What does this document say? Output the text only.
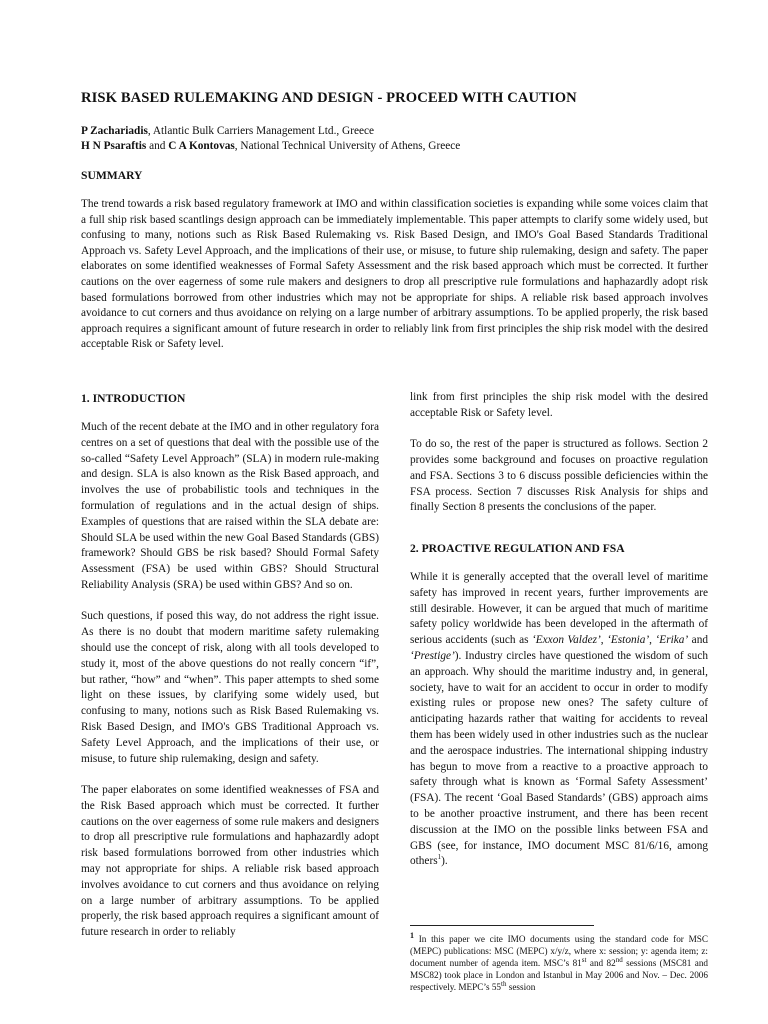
RISK BASED RULEMAKING AND DESIGN - PROCEED WITH CAUTION
P Zachariadis, Atlantic Bulk Carriers Management Ltd., Greece
H N Psaraftis and C A Kontovas, National Technical University of Athens, Greece
SUMMARY
The trend towards a risk based regulatory framework at IMO and within classification societies is expanding while some voices claim that a full ship risk based scantlings design approach can be immediately implementable. This paper attempts to clarify some widely used, but confusing to many, notions such as Risk Based Rulemaking vs. Risk Based Design, and IMO's Goal Based Standards Traditional Approach vs. Safety Level Approach, and the implications of their use, or misuse, to future ship rulemaking, design and safety. The paper elaborates on some identified weaknesses of Formal Safety Assessment and the risk based approach which must be corrected. It further cautions on the over eagerness of some rule makers and designers to drop all prescriptive rule formulations and haphazardly adopt risk based formulations borrowed from other industries which may not be appropriate for ships. A reliable risk based approach involves avoidance to cut corners and thus avoidance on relying on a large number of arbitrary assumptions. To be applied properly, the risk based approach requires a significant amount of future research in order to reliably link from first principles the ship risk model with the desired acceptable Risk or Safety level.
1. INTRODUCTION

Much of the recent debate at the IMO and in other regulatory fora centres on a set of questions that deal with the possible use of the so-called “Safety Level Approach” (SLA) in modern rule-making and design. SLA is also known as the Risk Based approach, and involves the use of probabilistic tools and techniques in the formulation of regulations and in the actual design of ships. Examples of questions that are raised within the SLA debate are: Should SLA be used within the new Goal Based Standards (GBS) framework? Should GBS be risk based? Should Formal Safety Assessment (FSA) be used within GBS? Should Structural Reliability Analysis (SRA) be used within GBS? And so on.

Such questions, if posed this way, do not address the right issue. As there is no doubt that modern maritime safety rulemaking should use the concept of risk, along with all tools developed to study it, most of the above questions do not really concern “if”, but rather, “how” and “when”. This paper attempts to shed some light on these issues, by clarifying some widely used, but confusing to many, notions such as Risk Based Rulemaking vs. Risk Based Design, and IMO's GBS Traditional Approach vs. Safety Level Approach, and the implications of their use, or misuse, to future ship rulemaking, design and safety.

The paper elaborates on some identified weaknesses of FSA and the Risk Based approach which must be corrected. It further cautions on the over eagerness of some rule makers and designers to drop all prescriptive rule formulations and haphazardly adopt risk based formulations borrowed from other industries which may not appropriate for ships. A reliable risk based approach involves avoidance to cut corners and thus avoidance on relying on a large number of arbitrary assumptions. To be applied properly, the risk based approach requires a significant amount of future research in order to reliably

link from first principles the ship risk model with the desired acceptable Risk or Safety level.

To do so, the rest of the paper is structured as follows. Section 2 provides some background and focuses on proactive regulation and FSA. Sections 3 to 6 discuss possible deficiencies within the FSA process. Section 7 discusses Risk Analysis for ships and finally Section 8 presents the conclusions of the paper.

2. PROACTIVE REGULATION AND FSA

While it is generally accepted that the overall level of maritime safety has improved in recent years, further improvements are still desirable. However, it can be argued that much of maritime safety policy worldwide has been developed in the aftermath of serious accidents (such as ‘Exxon Valdez’, ‘Estonia’, ‘Erika’ and ‘Prestige’). Industry circles have questioned the wisdom of such an approach. Why should the maritime industry and, in general, society, have to wait for an accident to occur in order to modify existing rules or propose new ones? The safety culture of anticipating hazards rather that waiting for accidents to reveal them has been widely used in other industries such as the nuclear and the aerospace industries. The international shipping industry has begun to move from a reactive to a proactive approach to safety through what is known as ‘Formal Safety Assessment’ (FSA). The recent ‘Goal Based Standards’ (GBS) approach aims to be another proactive instrument, and there has been recent discussion at the IMO on the possible links between FSA and GBS (see, for instance, IMO document MSC 81/6/16, among others$^1$).

1 In this paper we cite IMO documents using the standard code for MSC (MEPC) publications: MSC (MEPC) x/y/z, where x: session; y: agenda item; z: document number of agenda item. MSC’s 81st and 82nd sessions (MSC81 and MSC82) took place in London and Istanbul in May 2006 and Nov. – Dec. 2006 respectively. MEPC’s 55th session
